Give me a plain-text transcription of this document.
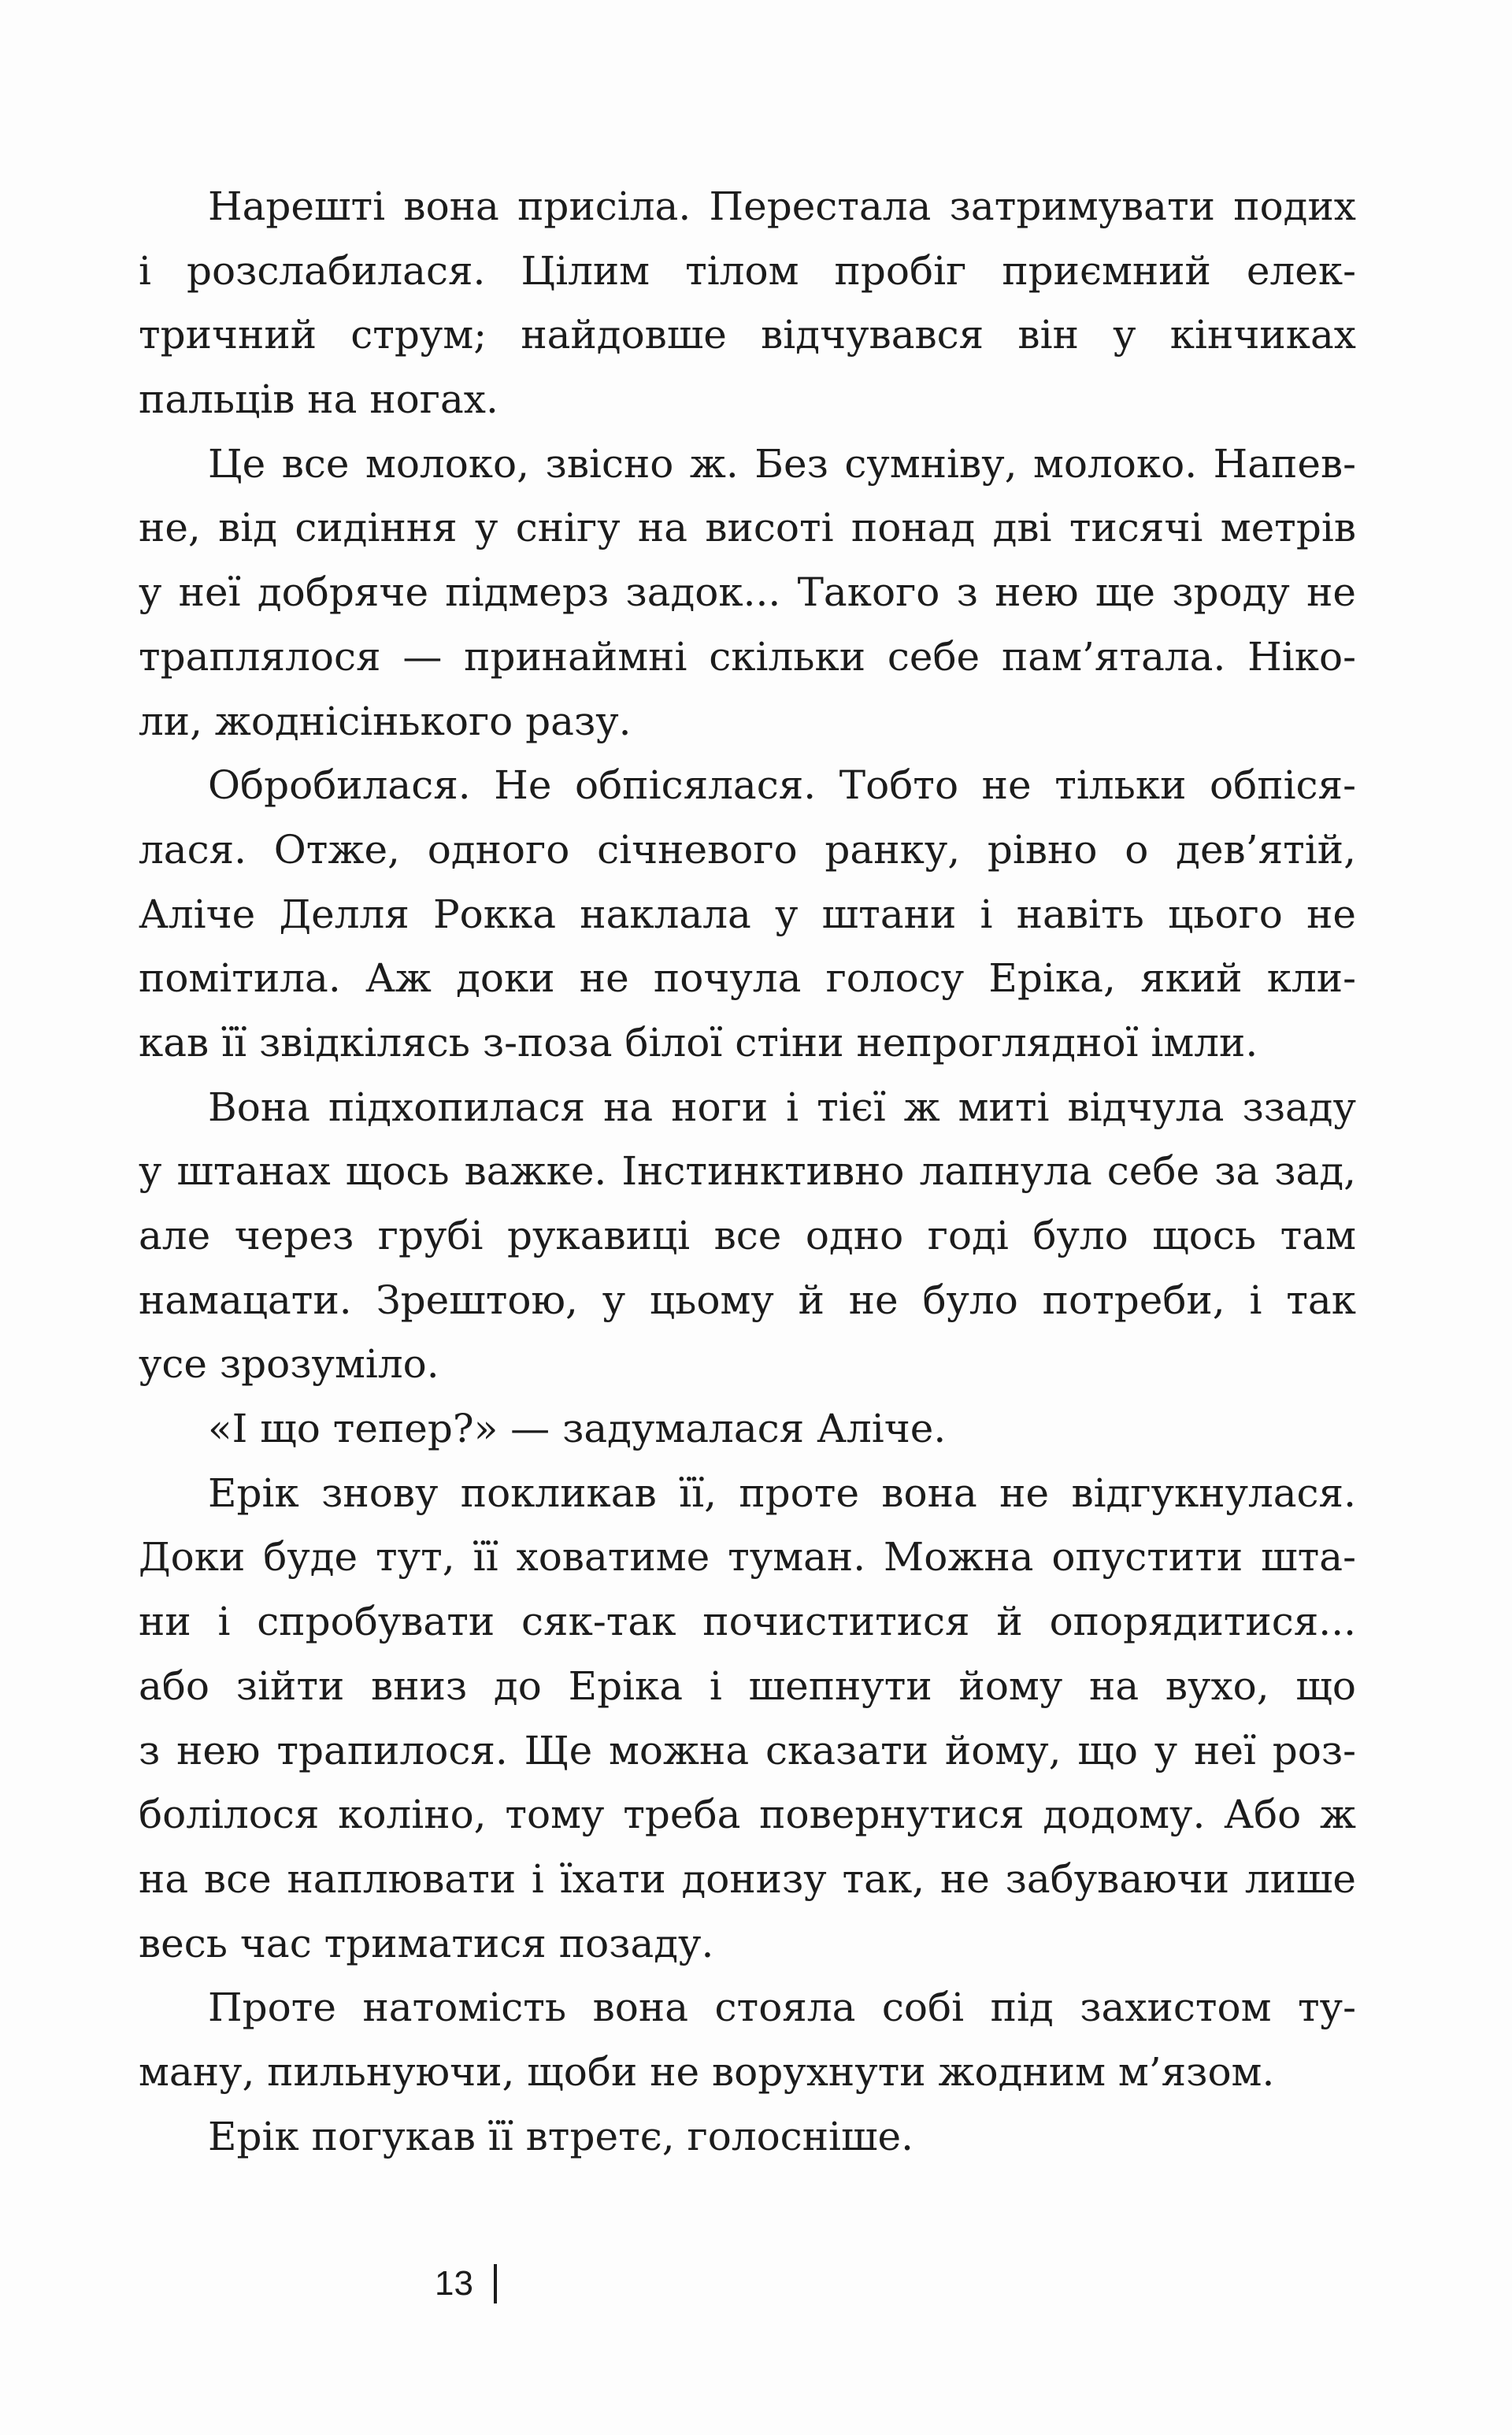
Нарешті вона присіла. Перестала затримувати подих
і розслабилася. Цілим тілом пробіг приємний елек-
тричний струм; найдовше відчувався він у кінчиках
пальців на ногах.
Це все молоко, звісно ж. Без сумніву, молоко. Напев-
не, від сидіння у снігу на висоті понад дві тисячі метрів
у неї добряче підмерз задок... Такого з нею ще зроду не
траплялося — принаймні скільки себе пам’ятала. Ніко-
ли, жоднісінького разу.
Обробилася. Не обпісялася. Тобто не тільки обпіся-
лася. Отже, одного січневого ранку, рівно о дев’ятій,
Аліче Делля Рокка наклала у штани і навіть цього не
помітила. Аж доки не почула голосу Еріка, який кли-
кав її звідкілясь з-поза білої стіни непроглядної імли.
Вона підхопилася на ноги і тієї ж миті відчула ззаду
у штанах щось важке. Інстинктивно лапнула себе за зад,
але через грубі рукавиці все одно годі було щось там
намацати. Зрештою, у цьому й не було потреби, і так
усе зрозуміло.
«І що тепер?» — задумалася Аліче.
Ерік знову покликав її, проте вона не відгукнулася.
Доки буде тут, її ховатиме туман. Можна опустити шта-
ни і спробувати сяк-так почиститися й опорядитися...
або зійти вниз до Еріка і шепнути йому на вухо, що
з нею трапилося. Ще можна сказати йому, що у неї роз-
болілося коліно, тому треба повернутися додому. Або ж
на все наплювати і їхати донизу так, не забуваючи лише
весь час триматися позаду.
Проте натомість вона стояла собі під захистом ту-
ману, пильнуючи, щоби не ворухнути жодним м’язом.
Ерік погукав її втретє, голосніше.
13
